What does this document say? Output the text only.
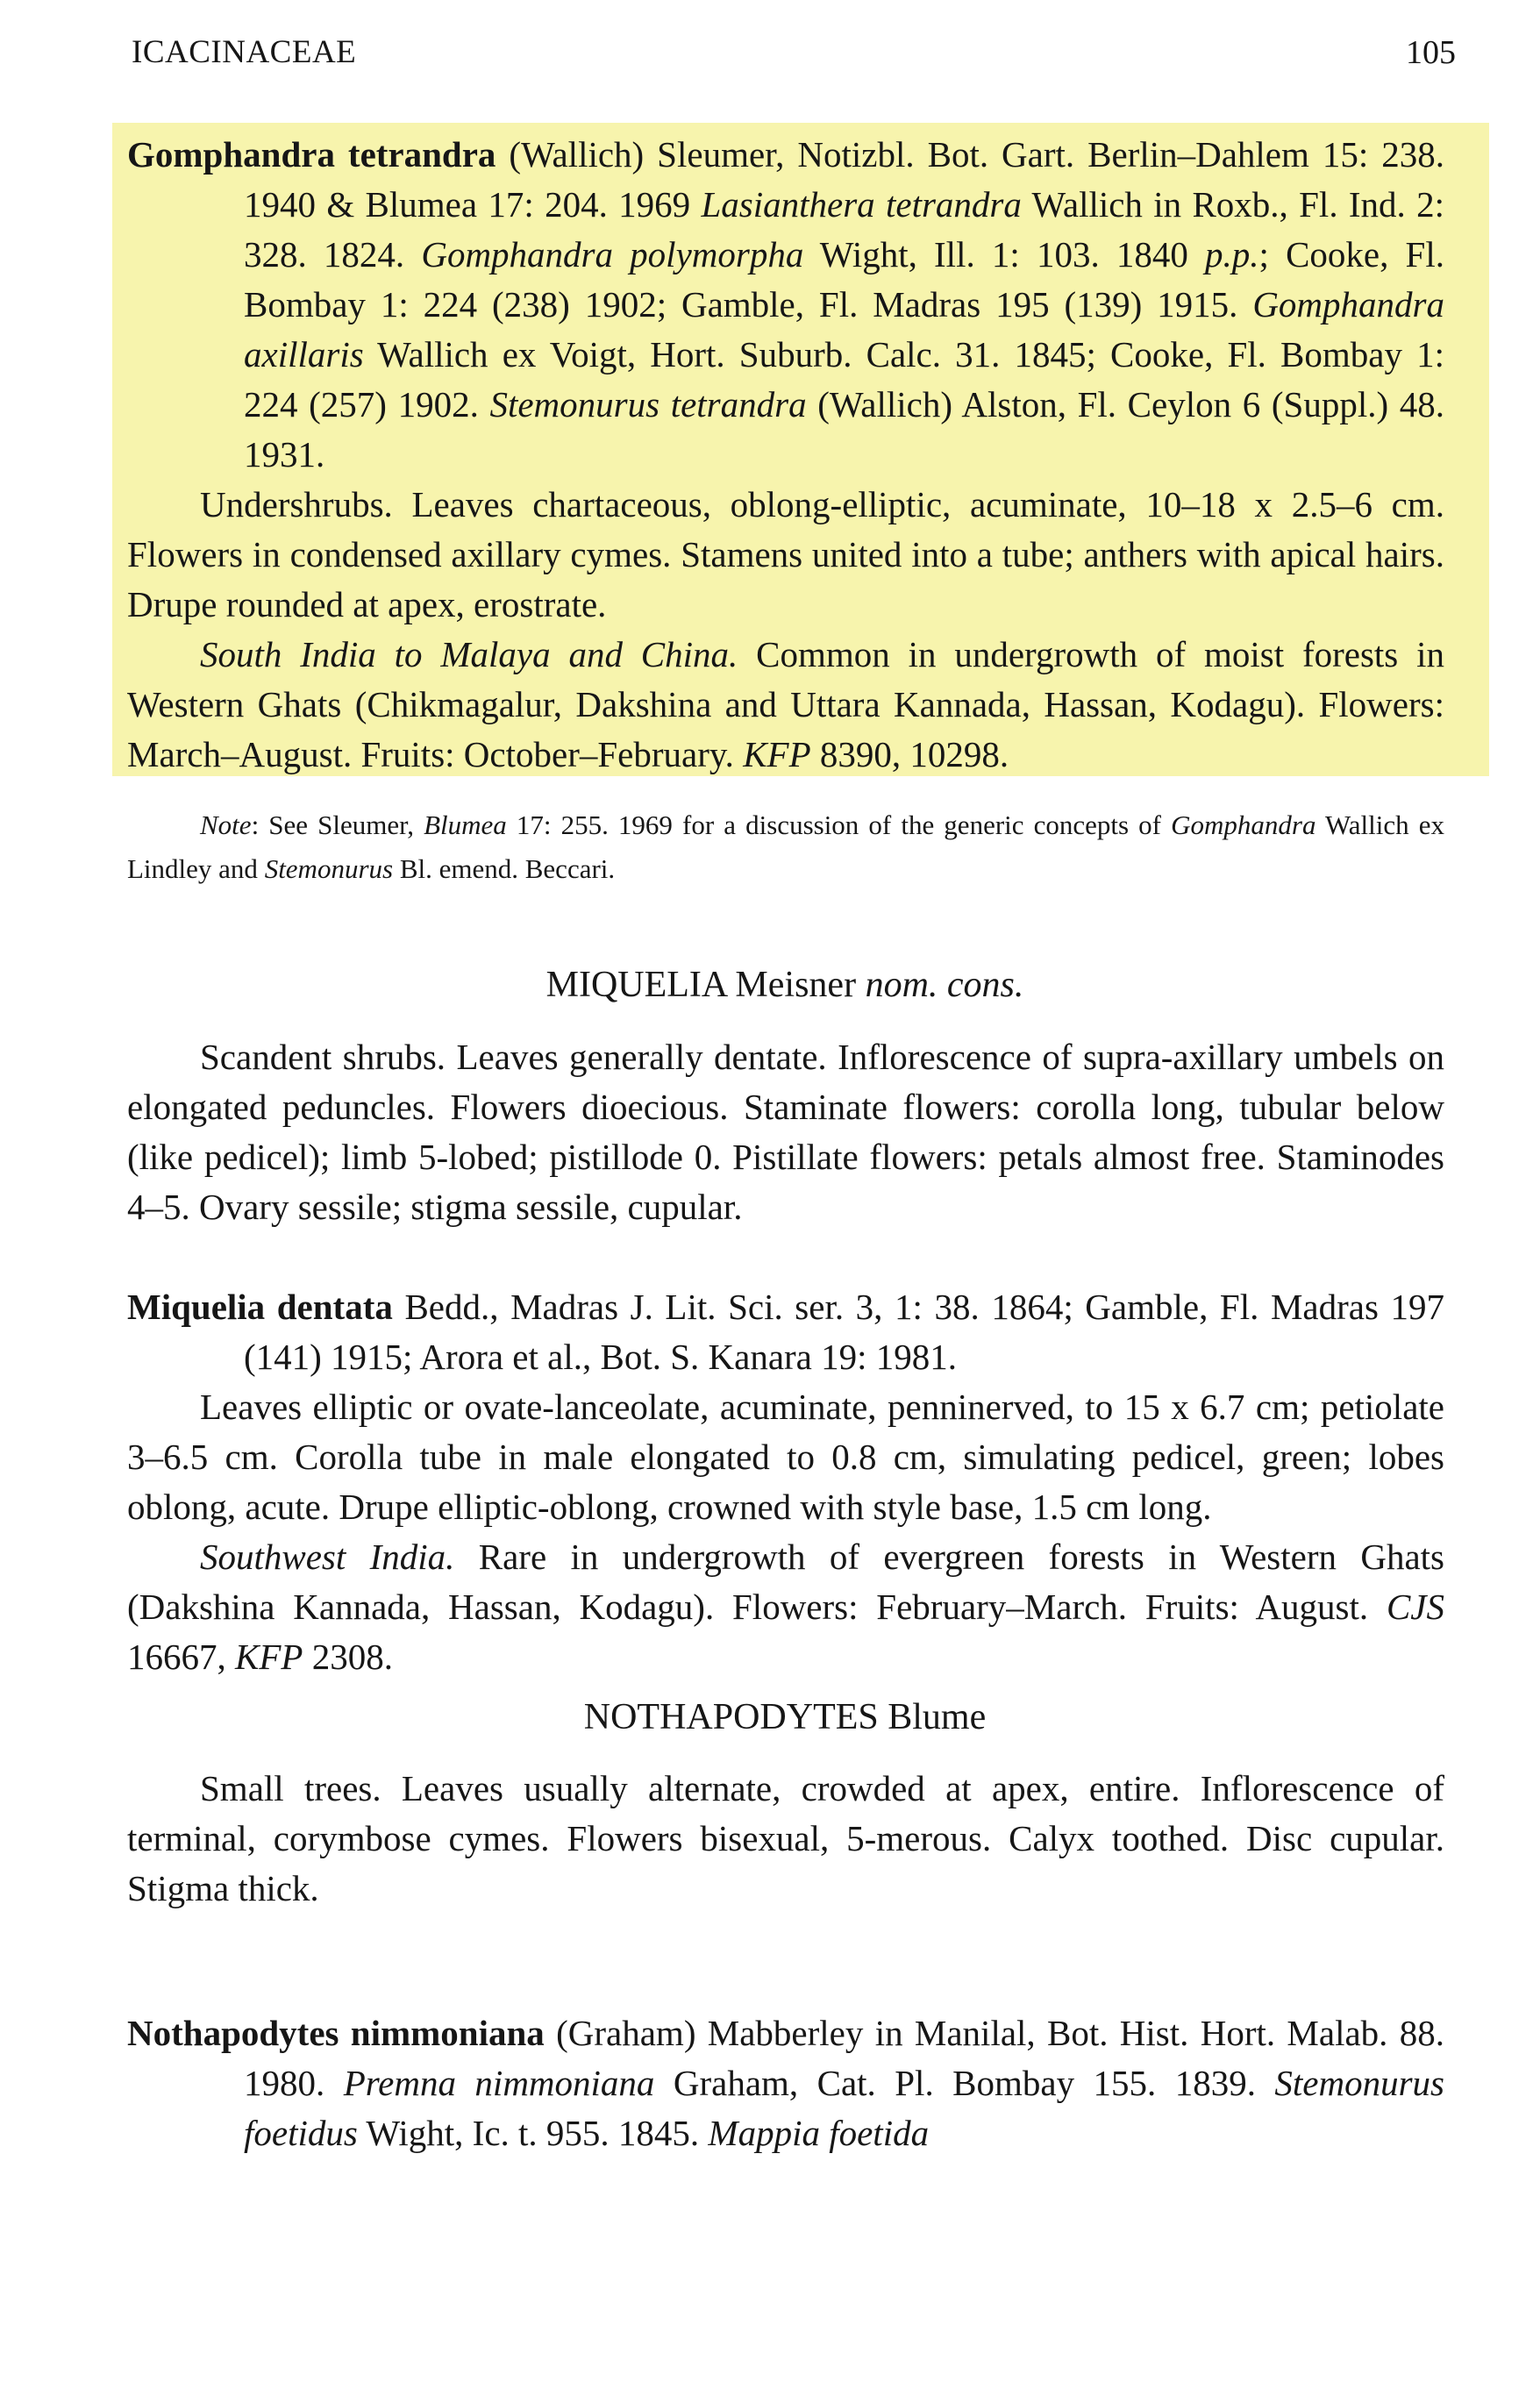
ICACINACEAE	105

Gomphandra tetrandra (Wallich) Sleumer, Notizbl. Bot. Gart. Berlin–Dahlem 15: 238. 1940 & Blumea 17: 204. 1969 Lasianthera tetrandra Wallich in Roxb., Fl. Ind. 2: 328. 1824. Gomphandra polymorpha Wight, Ill. 1: 103. 1840 p.p.; Cooke, Fl. Bombay 1: 224 (238) 1902; Gamble, Fl. Madras 195 (139) 1915. Gomphandra axillaris Wallich ex Voigt, Hort. Suburb. Calc. 31. 1845; Cooke, Fl. Bombay 1: 224 (257) 1902. Stemonurus tetrandra (Wallich) Alston, Fl. Ceylon 6 (Suppl.) 48. 1931.

Undershrubs. Leaves chartaceous, oblong-elliptic, acuminate, 10–18 x 2.5–6 cm. Flowers in condensed axillary cymes. Stamens united into a tube; anthers with apical hairs. Drupe rounded at apex, erostrate.

South India to Malaya and China. Common in undergrowth of moist forests in Western Ghats (Chikmagalur, Dakshina and Uttara Kannada, Hassan, Kodagu). Flowers: March–August. Fruits: October–February. KFP 8390, 10298.

Note: See Sleumer, Blumea 17: 255. 1969 for a discussion of the generic concepts of Gomphandra Wallich ex Lindley and Stemonurus Bl. emend. Beccari.

MIQUELIA Meisner nom. cons.

Scandent shrubs. Leaves generally dentate. Inflorescence of supra-axillary umbels on elongated peduncles. Flowers dioecious. Staminate flowers: corolla long, tubular below (like pedicel); limb 5-lobed; pistillode 0. Pistillate flowers: petals almost free. Staminodes 4–5. Ovary sessile; stigma sessile, cupular.

Miquelia dentata Bedd., Madras J. Lit. Sci. ser. 3, 1: 38. 1864; Gamble, Fl. Madras 197 (141) 1915; Arora et al., Bot. S. Kanara 19: 1981.

Leaves elliptic or ovate-lanceolate, acuminate, penninerved, to 15 x 6.7 cm; petiolate 3–6.5 cm. Corolla tube in male elongated to 0.8 cm, simulating pedicel, green; lobes oblong, acute. Drupe elliptic-oblong, crowned with style base, 1.5 cm long.

Southwest India. Rare in undergrowth of evergreen forests in Western Ghats (Dakshina Kannada, Hassan, Kodagu). Flowers: February–March. Fruits: August. CJS 16667, KFP 2308.

NOTHAPODYTES Blume

Small trees. Leaves usually alternate, crowded at apex, entire. Inflorescence of terminal, corymbose cymes. Flowers bisexual, 5-merous. Calyx toothed. Disc cupular. Stigma thick.

Nothapodytes nimmoniana (Graham) Mabberley in Manilal, Bot. Hist. Hort. Malab. 88. 1980. Premna nimmoniana Graham, Cat. Pl. Bombay 155. 1839. Stemonurus foetidus Wight, Ic. t. 955. 1845. Mappia foetida
